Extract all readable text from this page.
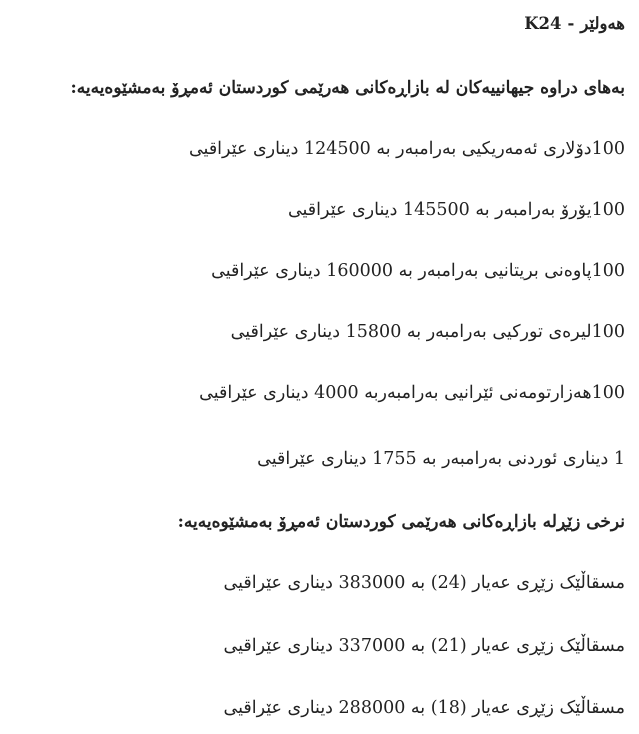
هەولێر-K24
بەهای دراوە جیهانییەکان لە بازاڕەکانی هەرێمی کوردستان ئەمڕۆ بەمشێوەیەیە:
100دۆلاری ئەمەریکیی بەرامبەر بە 124500 دیناری عێراقیی
100یۆرۆ بەرامبەر بە 145500 دیناری عێراقیی
100پاوەنی بریتانیی بەرامبەر بە 160000 دیناری عێراقیی
100لیرەی تورکیی بەرامبەر بە 15800 دیناری عێراقیی
100هەزارتومەنی ئێرانیی بەرامبەربە 4000 دیناری عێراقیی
1 دیناری ئوردنی بەرامبەر بە 1755 دیناری عێراقیی
نرخی زێڕلە بازاڕەکانی هەرێمی کوردستان ئەمڕۆ بەمشێوەیەیە:
مسقاڵێک زێڕی عەیار (24) بە 383000 دیناری عێراقیی
مسقاڵێک زێڕی عەیار (21) بە 337000 دیناری عێراقیی
مسقاڵێک زێڕی عەیار (18) بە 288000 دیناری عێراقیی
